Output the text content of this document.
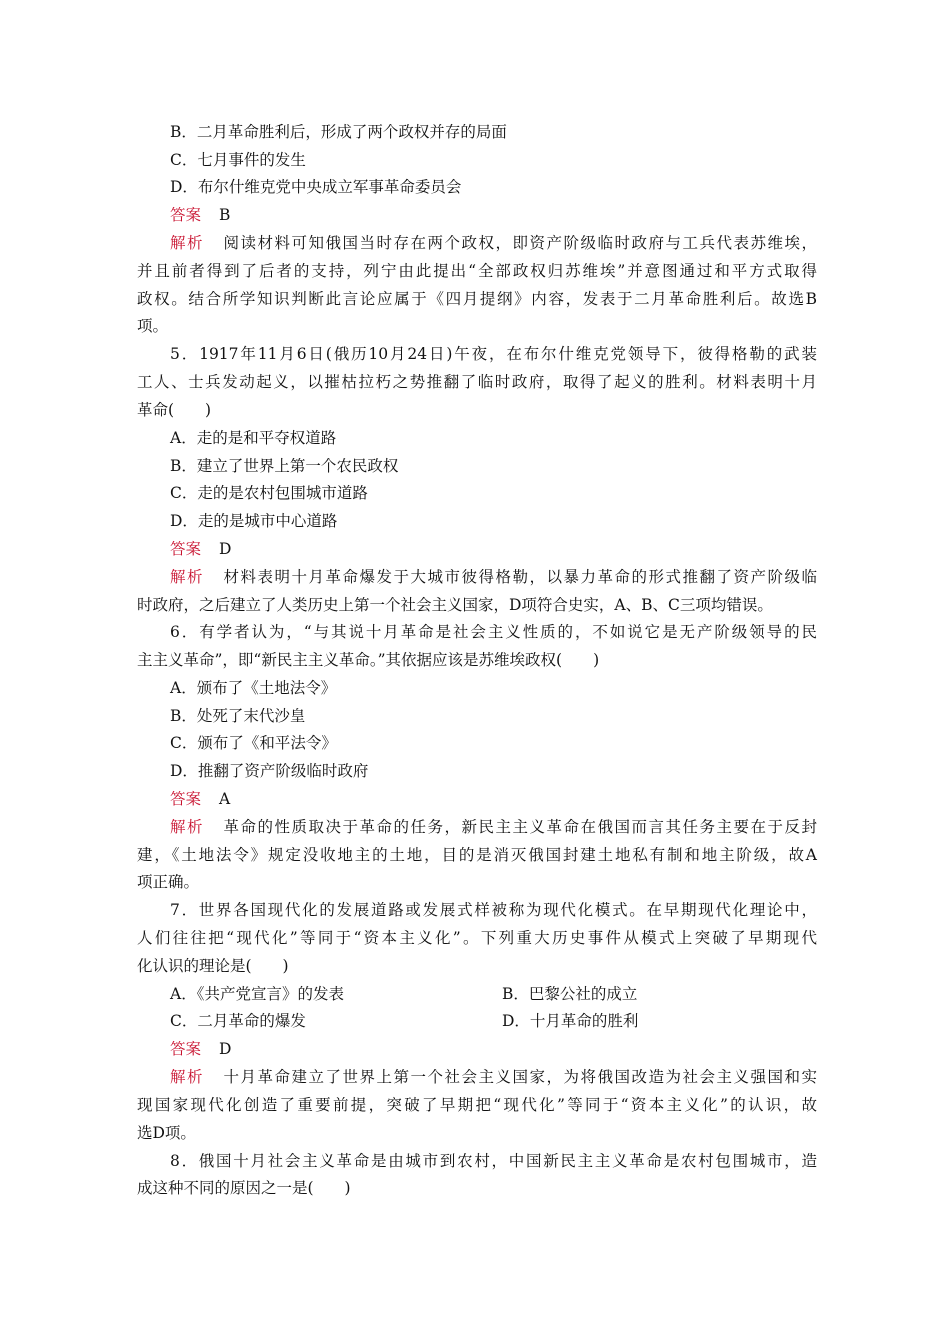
B．二月革命胜利后，形成了两个政权并存的局面
C．七月事件的发生
D．布尔什维克党中央成立军事革命委员会
答案 B
解析 阅读材料可知俄国当时存在两个政权，即资产阶级临时政府与工兵代表苏维埃，
并且前者得到了后者的支持，列宁由此提出“全部政权归苏维埃”并意图通过和平方式取得
政权。结合所学知识判断此言论应属于《四月提纲》内容，发表于二月革命胜利后。故选B
项。
5．1917年11月6日(俄历10月24日)午夜，在布尔什维克党领导下，彼得格勒的武装
工人、士兵发动起义，以摧枯拉朽之势推翻了临时政府，取得了起义的胜利。材料表明十月
革命(　　)
A．走的是和平夺权道路
B．建立了世界上第一个农民政权
C．走的是农村包围城市道路
D．走的是城市中心道路
答案 D
解析 材料表明十月革命爆发于大城市彼得格勒，以暴力革命的形式推翻了资产阶级临
时政府，之后建立了人类历史上第一个社会主义国家，D项符合史实，A、B、C三项均错误。
6．有学者认为，“与其说十月革命是社会主义性质的，不如说它是无产阶级领导的民
主主义革命”，即“新民主主义革命。”其依据应该是苏维埃政权(　　)
A．颁布了《土地法令》
B．处死了末代沙皇
C．颁布了《和平法令》
D．推翻了资产阶级临时政府
答案 A
解析 革命的性质取决于革命的任务，新民主主义革命在俄国而言其任务主要在于反封
建，《土地法令》规定没收地主的土地，目的是消灭俄国封建土地私有制和地主阶级，故A
项正确。
7．世界各国现代化的发展道路或发展式样被称为现代化模式。在早期现代化理论中，
人们往往把“现代化”等同于“资本主义化”。下列重大历史事件从模式上突破了早期现代
化认识的理论是(　　)
A．《共产党宣言》的发表	B．巴黎公社的成立
C．二月革命的爆发	D．十月革命的胜利
答案 D
解析 十月革命建立了世界上第一个社会主义国家，为将俄国改造为社会主义强国和实
现国家现代化创造了重要前提，突破了早期把“现代化”等同于“资本主义化”的认识，故
选D项。
8．俄国十月社会主义革命是由城市到农村，中国新民主主义革命是农村包围城市，造
成这种不同的原因之一是(　　)
